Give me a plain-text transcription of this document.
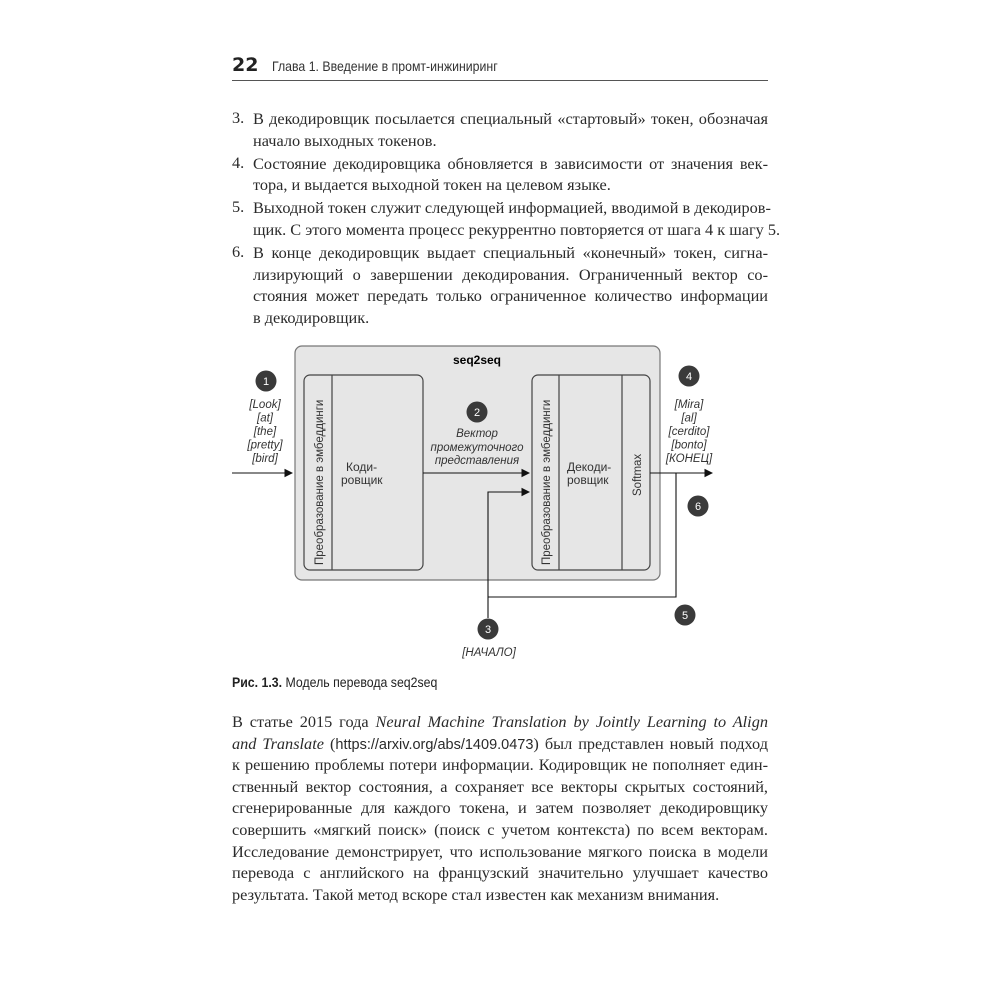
22 Глава 1. Введение в промт-инжиниринг
3. В декодировщик посылается специальный «стартовый» токен, обозначая
начало выходных токенов.
4. Состояние декодировщика обновляется в зависимости от значения век-
тора, и выдается выходной токен на целевом языке.
5. Выходной токен служит следующей информацией, вводимой в декодиров-
щик. С этого момента процесс рекуррентно повторяется от шага 4 к шагу 5.
6. В конце декодировщик выдает специальный «конечный» токен, сигна-
лизирующий о завершении декодирования. Ограниченный вектор со-
стояния может передать только ограниченное количество информации
в декодировщик.
seq2seq
Преобразование в эмбеддинги Коди-
ровщик	Преобразование в эмбеддинги Декоди-
ровщик Softmax
Вектор
промежуточного
представления
[Look]
[at]
[the]
[pretty]
[bird]
[Mira]
[al]
[cerdito]
[bonto]
[КОНЕЦ]
[НАЧАЛО]
1
2
3
4
5
6
Рис. 1.3. Модель перевода seq2seq
В статье 2015 года Neural Machine Translation by Jointly Learning to Align
and Translate (https://arxiv.org/abs/1409.0473) был представлен новый подход
к решению проблемы потери информации. Кодировщик не пополняет един-
ственный вектор состояния, а сохраняет все векторы скрытых состояний,
сгенерированные для каждого токена, и затем позволяет декодировщику
совершить «мягкий поиск» (поиск с учетом контекста) по всем векторам.
Исследование демонстрирует, что использование мягкого поиска в модели
перевода с английского на французский значительно улучшает качество
результата. Такой метод вскоре стал известен как механизм внимания.
